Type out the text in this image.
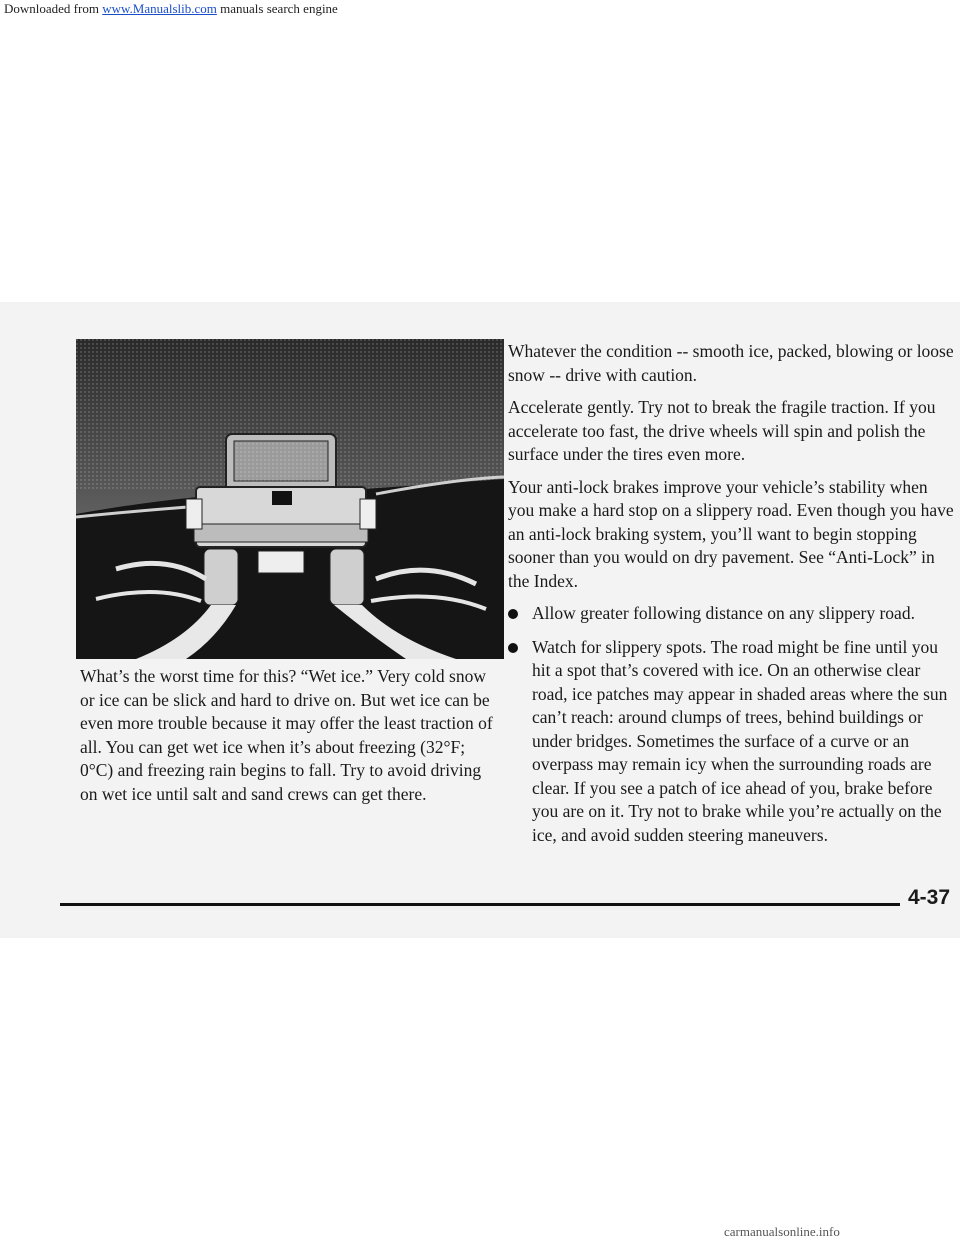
Downloaded from www.Manualslib.com manuals search engine

What’s the worst time for this? “Wet ice.” Very cold snow or ice can be slick and hard to drive on. But wet ice can be even more trouble because it may offer the least traction of all. You can get wet ice when it’s about freezing (32°F; 0°C) and freezing rain begins to fall. Try to avoid driving on wet ice until salt and sand crews can get there.

Whatever the condition -- smooth ice, packed, blowing or loose snow -- drive with caution.

Accelerate gently. Try not to break the fragile traction. If you accelerate too fast, the drive wheels will spin and polish the surface under the tires even more.

Your anti-lock brakes improve your vehicle’s stability when you make a hard stop on a slippery road. Even though you have an anti-lock braking system, you’ll want to begin stopping sooner than you would on dry pavement. See “Anti-Lock” in the Index.

Allow greater following distance on any slippery road.
Watch for slippery spots. The road might be fine until you hit a spot that’s covered with ice. On an otherwise clear road, ice patches may appear in shaded areas where the sun can’t reach: around clumps of trees, behind buildings or under bridges. Sometimes the surface of a curve or an overpass may remain icy when the surrounding roads are clear. If you see a patch of ice ahead of you, brake before you are on it. Try not to brake while you’re actually on the ice, and avoid sudden steering maneuvers.
4-37
carmanualsonline.info
